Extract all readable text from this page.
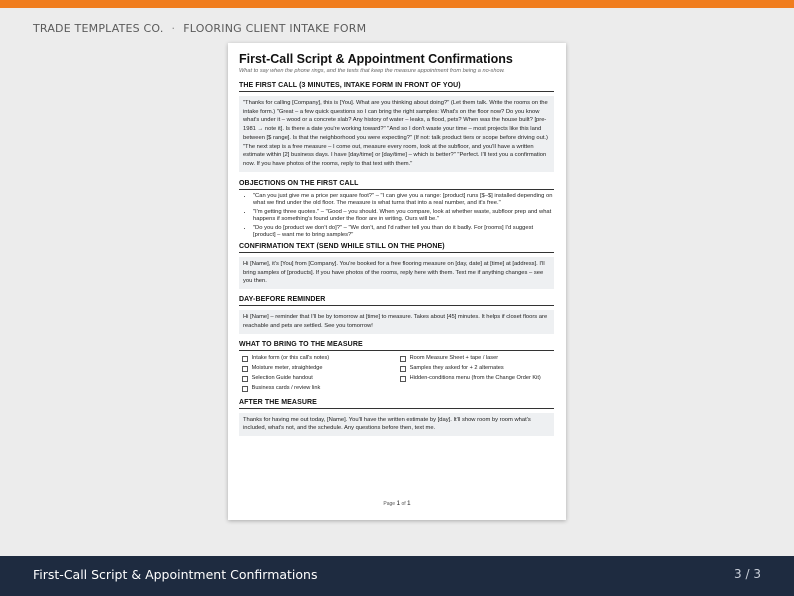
TRADE TEMPLATES CO. · FLOORING CLIENT INTAKE FORM
First-Call Script & Appointment Confirmations
What to say when the phone rings, and the texts that keep the measure appointment from being a no-show.
THE FIRST CALL (3 MINUTES, INTAKE FORM IN FRONT OF YOU)
"Thanks for calling [Company], this is [You]. What are you thinking about doing?" (Let them talk. Write the rooms on the intake form.) "Great – a few quick questions so I can bring the right samples: What's on the floor now? Do you know what's under it – wood or a concrete slab? Any history of water – leaks, a flood, pets? When was the house built? [pre-1981 → note it]. Is there a date you're working toward?" "And so I don't waste your time – most projects like this land between [$ range]. Is that the neighborhood you were expecting?" (If not: talk product tiers or scope before driving out.) "The next step is a free measure – I come out, measure every room, look at the subfloor, and you'll have a written estimate within [2] business days. I have [day/time] or [day/time] – which is better?" "Perfect. I'll text you a confirmation now. If you have photos of the rooms, reply to that text with them."
OBJECTIONS ON THE FIRST CALL
• "Can you just give me a price per square foot?" – "I can give you a range: [product] runs [$–$] installed depending on what we find under the old floor. The measure is what turns that into a real number, and it's free."
• "I'm getting three quotes." – "Good – you should. When you compare, look at whether waste, subfloor prep and what happens if something's found under the floor are in writing. Ours will be."
• "Do you do [product we don't do]?" – "We don't, and I'd rather tell you than do it badly. For [rooms] I'd suggest [product] – want me to bring samples?"
CONFIRMATION TEXT (SEND WHILE STILL ON THE PHONE)
Hi [Name], it's [You] from [Company]. You're booked for a free flooring measure on [day, date] at [time] at [address]. I'll bring samples of [products]. If you have photos of the rooms, reply here with them. Text me if anything changes – see you then.
DAY-BEFORE REMINDER
Hi [Name] – reminder that I'll be by tomorrow at [time] to measure. Takes about [45] minutes. It helps if closet floors are reachable and pets are settled. See you tomorrow!
WHAT TO BRING TO THE MEASURE
Intake form (or this call's notes)	Room Measure Sheet + tape / laser
Moisture meter, straightedge	Samples they asked for + 2 alternates
Selection Guide handout	Hidden-conditions menu (from the Change Order Kit)
Business cards / review link
AFTER THE MEASURE
Thanks for having me out today, [Name]. You'll have the written estimate by [day]. It'll show room by room what's included, what's not, and the schedule. Any questions before then, text me.
Page 1 of 1
First-Call Script & Appointment Confirmations	3 / 3
